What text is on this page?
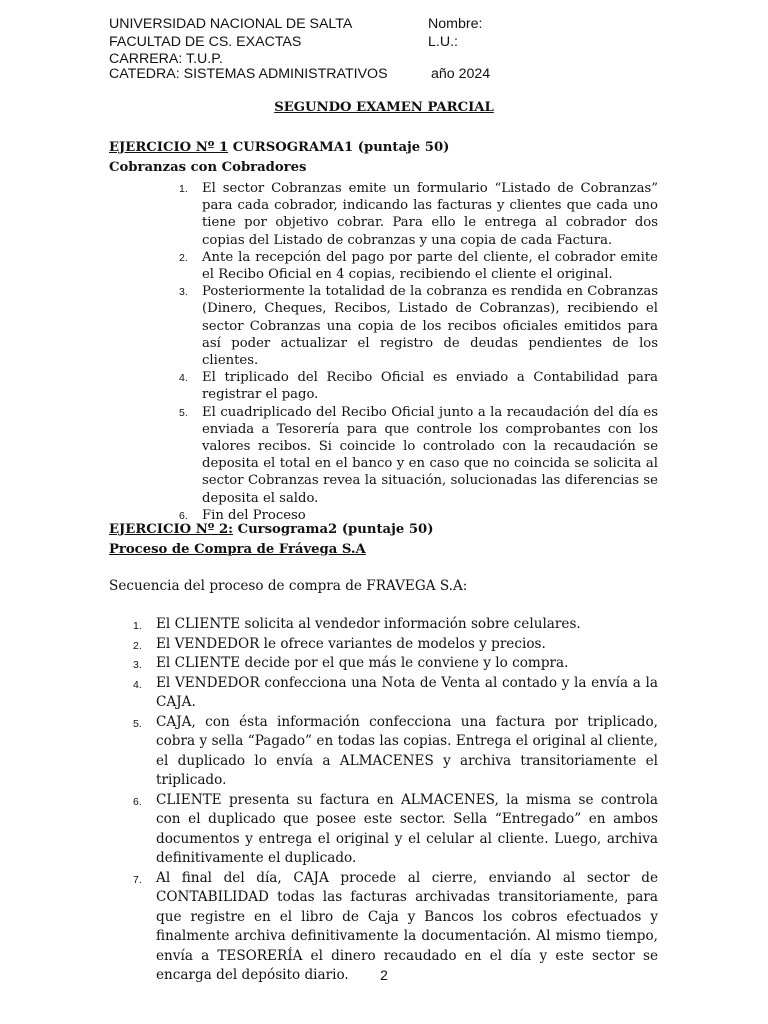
UNIVERSIDAD NACIONAL DE SALTA
FACULTAD DE CS. EXACTAS
CARRERA: T.U.P.
CATEDRA: SISTEMAS ADMINISTRATIVOS
Nombre:
L.U.:
año 2024
SEGUNDO EXAMEN PARCIAL
EJERCICIO Nº 1 CURSOGRAMA1 (puntaje 50)
Cobranzas con Cobradores
1. El sector Cobranzas emite un formulario “Listado de Cobranzas” para cada cobrador, indicando las facturas y clientes que cada uno tiene por objetivo cobrar. Para ello le entrega al cobrador dos copias del Listado de cobranzas y una copia de cada Factura.
2. Ante la recepción del pago por parte del cliente, el cobrador emite el Recibo Oficial en 4 copias, recibiendo el cliente el original.
3. Posteriormente la totalidad de la cobranza es rendida en Cobranzas (Dinero, Cheques, Recibos, Listado de Cobranzas), recibiendo el sector Cobranzas una copia de los recibos oficiales emitidos para así poder actualizar el registro de deudas pendientes de los clientes.
4. El triplicado del Recibo Oficial es enviado a Contabilidad para registrar el pago.
5. El cuadriplicado del Recibo Oficial junto a la recaudación del día es enviada a Tesorería para que controle los comprobantes con los valores recibos. Si coincide lo controlado con la recaudación se deposita el total en el banco y en caso que no coincida se solicita al sector Cobranzas revea la situación, solucionadas las diferencias se deposita el saldo.
6. Fin del Proceso
EJERCICIO Nº 2: Cursograma2 (puntaje 50)
Proceso de Compra de Frávega S.A
Secuencia del proceso de compra de FRAVEGA S.A:
1. El CLIENTE solicita al vendedor información sobre celulares.
2. El VENDEDOR le ofrece variantes de modelos y precios.
3. El CLIENTE decide por el que más le conviene y lo compra.
4. El VENDEDOR confecciona una Nota de Venta al contado y la envía a la CAJA.
5. CAJA, con ésta información confecciona una factura por triplicado, cobra y sella “Pagado” en todas las copias. Entrega el original al cliente, el duplicado lo envía a ALMACENES y archiva transitoriamente el triplicado.
6. CLIENTE presenta su factura en ALMACENES, la misma se controla con el duplicado que posee este sector. Sella “Entregado” en ambos documentos y entrega el original y el celular al cliente. Luego, archiva definitivamente el duplicado.
7. Al final del día, CAJA procede al cierre, enviando al sector de CONTABILIDAD todas las facturas archivadas transitoriamente, para que registre en el libro de Caja y Bancos los cobros efectuados y finalmente archiva definitivamente la documentación. Al mismo tiempo, envía a TESORERÍA el dinero recaudado en el día y este sector se encarga del depósito diario.	2
